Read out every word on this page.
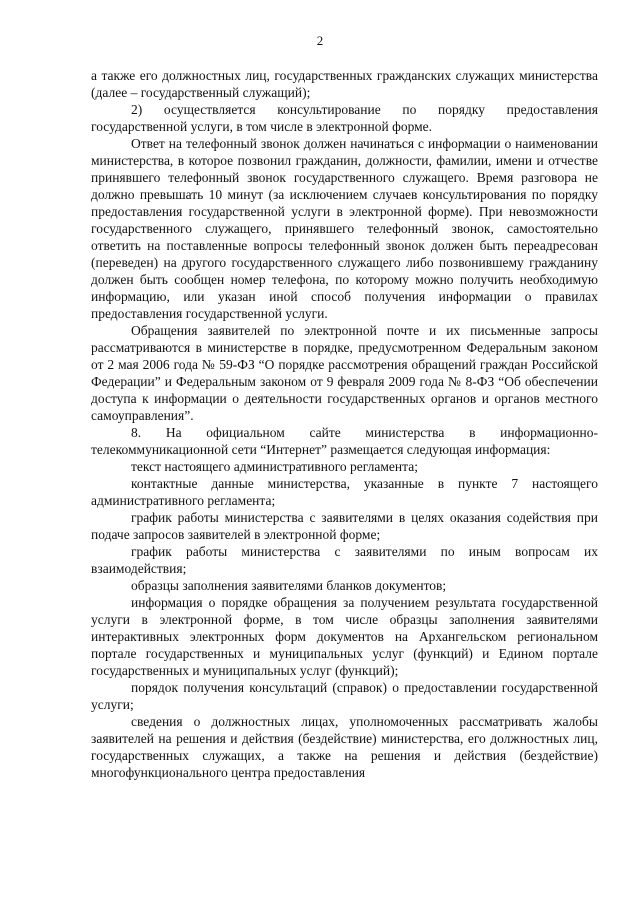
2

а также его должностных лиц, государственных гражданских служащих министерства (далее – государственный служащий);

2) осуществляется консультирование по порядку предоставления государственной услуги, в том числе в электронной форме.

Ответ на телефонный звонок должен начинаться с информации о наименовании министерства, в которое позвонил гражданин, должности, фамилии, имени и отчестве принявшего телефонный звонок государственного служащего. Время разговора не должно превышать 10 минут (за исключением случаев консультирования по порядку предоставления государственной услуги в электронной форме). При невозможности государственного служащего, принявшего телефонный звонок, самостоятельно ответить на поставленные вопросы телефонный звонок должен быть переадресован (переведен) на другого государственного служащего либо позвонившему гражданину должен быть сообщен номер телефона, по которому можно получить необходимую информацию, или указан иной способ получения информации о правилах предоставления государственной услуги.

Обращения заявителей по электронной почте и их письменные запросы рассматриваются в министерстве в порядке, предусмотренном Федеральным законом от 2 мая 2006 года № 59-ФЗ “О порядке рассмотрения обращений граждан Российской Федерации” и Федеральным законом от 9 февраля 2009 года № 8-ФЗ “Об обеспечении доступа к информации о деятельности государственных органов и органов местного самоуправления”.

8. На официальном сайте министерства в информационно-телекоммуникационной сети “Интернет” размещается следующая информация:

текст настоящего административного регламента;

контактные данные министерства, указанные в пункте 7 настоящего административного регламента;

график работы министерства с заявителями в целях оказания содействия при подаче запросов заявителей в электронной форме;

график работы министерства с заявителями по иным вопросам их взаимодействия;

образцы заполнения заявителями бланков документов;

информация о порядке обращения за получением результата государственной услуги в электронной форме, в том числе образцы заполнения заявителями интерактивных электронных форм документов на Архангельском региональном портале государственных и муниципальных услуг (функций) и Едином портале государственных и муниципальных услуг (функций);

порядок получения консультаций (справок) о предоставлении государственной услуги;

сведения о должностных лицах, уполномоченных рассматривать жалобы заявителей на решения и действия (бездействие) министерства, его должностных лиц, государственных служащих, а также на решения и действия (бездействие) многофункционального центра предоставления
